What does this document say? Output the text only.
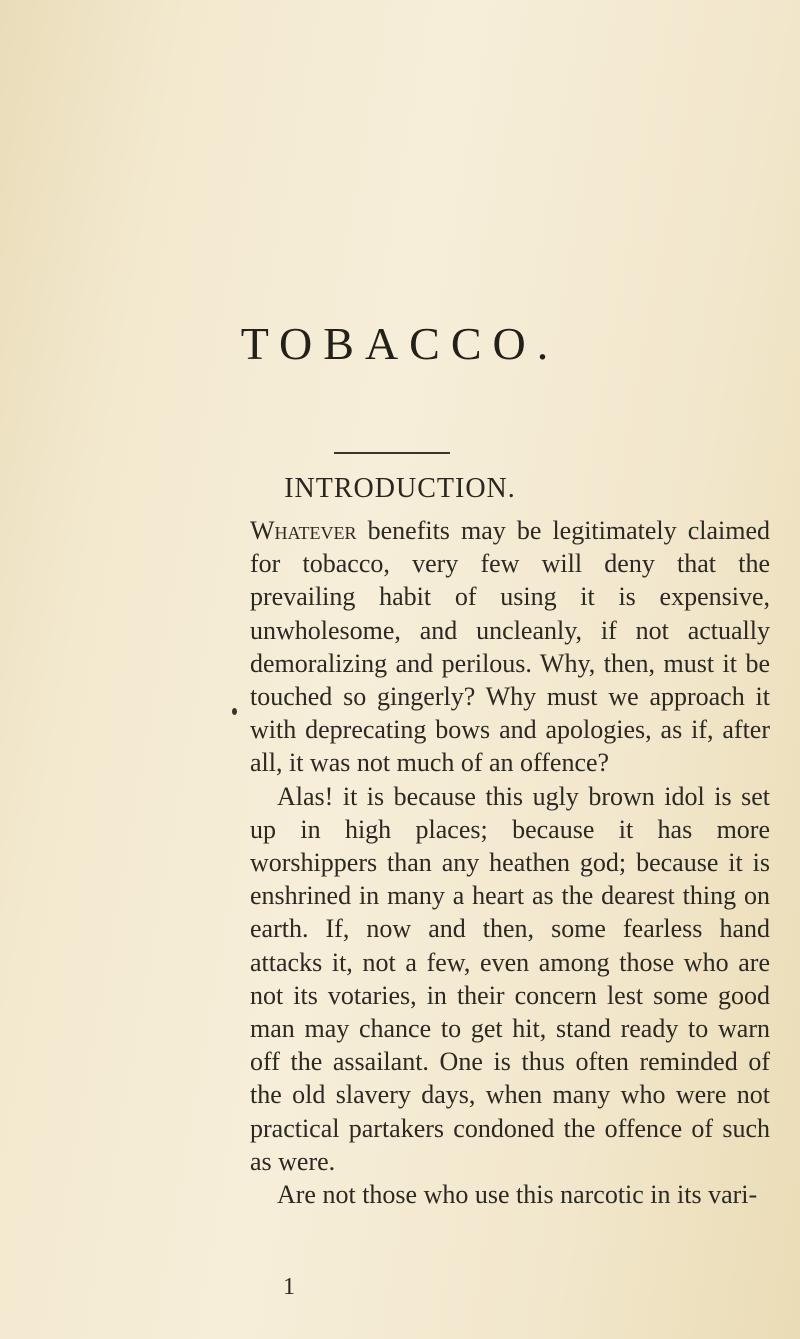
TOBACCO.
INTRODUCTION.

Whatever benefits may be legitimately claimed for tobacco, very few will deny that the prevailing habit of using it is expensive, unwholesome, and uncleanly, if not actually demoralizing and perilous. Why, then, must it be touched so gingerly? Why must we approach it with deprecating bows and apologies, as if, after all, it was not much of an offence?

Alas! it is because this ugly brown idol is set up in high places; because it has more worshippers than any heathen god; because it is enshrined in many a heart as the dearest thing on earth. If, now and then, some fearless hand attacks it, not a few, even among those who are not its votaries, in their concern lest some good man may chance to get hit, stand ready to warn off the assailant. One is thus often reminded of the old slavery days, when many who were not practical partakers condoned the offence of such as were.

Are not those who use this narcotic in its vari-

1
